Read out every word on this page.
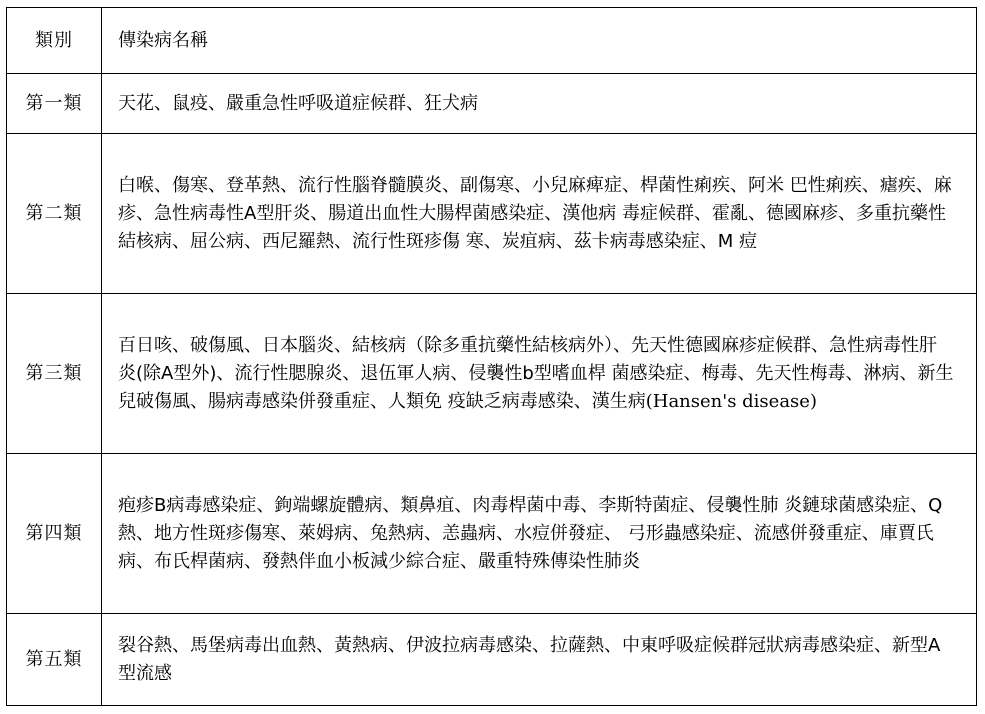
類別	傳染病名稱
第一類	天花、鼠疫、嚴重急性呼吸道症候群、狂犬病
第二類	白喉、傷寒、登革熱、流行性腦脊髓膜炎、副傷寒、小兒麻痺症、桿菌性痢疾、阿米 巴性痢疾、瘧疾、麻疹、急性病毒性A型肝炎、腸道出血性大腸桿菌感染症、漢他病 毒症候群、霍亂、德國麻疹、多重抗藥性結核病、屈公病、西尼羅熱、流行性斑疹傷 寒、炭疽病、茲卡病毒感染症、M 痘
第三類	百日咳、破傷風、日本腦炎、結核病（除多重抗藥性結核病外）、先天性德國麻疹症候群、急性病毒性肝炎(除A型外)、流行性腮腺炎、退伍軍人病、侵襲性b型嗜血桿 菌感染症、梅毒、先天性梅毒、淋病、新生兒破傷風、腸病毒感染併發重症、人類免 疫缺乏病毒感染、漢生病(Hansen's disease)
第四類	疱疹B病毒感染症、鉤端螺旋體病、類鼻疽、肉毒桿菌中毒、李斯特菌症、侵襲性肺 炎鏈球菌感染症、Q熱、地方性斑疹傷寒、萊姆病、兔熱病、恙蟲病、水痘併發症、 弓形蟲感染症、流感併發重症、庫賈氏病、布氏桿菌病、發熱伴血小板減少綜合症、嚴重特殊傳染性肺炎
第五類	裂谷熱、馬堡病毒出血熱、黃熱病、伊波拉病毒感染、拉薩熱、中東呼吸症候群冠狀病毒感染症、新型A型流感
